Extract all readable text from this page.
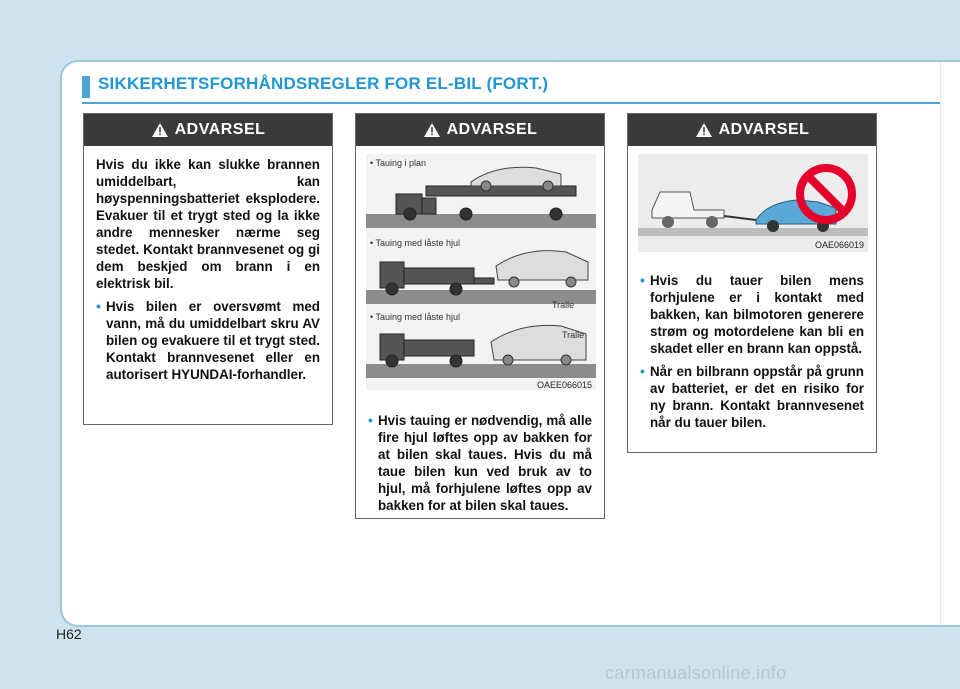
SIKKERHETSFORHÅNDSREGLER FOR EL-BIL (FORT.)
ADVARSEL

Hvis du ikke kan slukke brannen umiddelbart, kan høyspenningsbatteriet eksplodere. Evakuer til et trygt sted og la ikke andre mennesker nærme seg stedet. Kontakt brannvesenet og gi dem beskjed om brann i en elektrisk bil.

• Hvis bilen er oversvømt med vann, må du umiddelbart skru AV bilen og evakuere til et trygt sted. Kontakt brannvesenet eller en autorisert HYUNDAI-forhandler.
ADVARSEL
• Tauing i plan
• Tauing med låste hjul
• Tauing med låste hjul
Tralle
Tralle
OAEE066015
• Hvis tauing er nødvendig, må alle fire hjul løftes opp av bakken for at bilen skal taues. Hvis du må taue bilen kun ved bruk av to hjul, må forhjulene løftes opp av bakken for at bilen skal taues.
ADVARSEL
OAE066019
• Hvis du tauer bilen mens forhjulene er i kontakt med bakken, kan bilmotoren generere strøm og motordelene kan bli en skadet eller en brann kan oppstå.
• Når en bilbrann oppstår på grunn av batteriet, er det en risiko for ny brann. Kontakt brannvesenet når du tauer bilen.
H62
carmanualsonline.info
